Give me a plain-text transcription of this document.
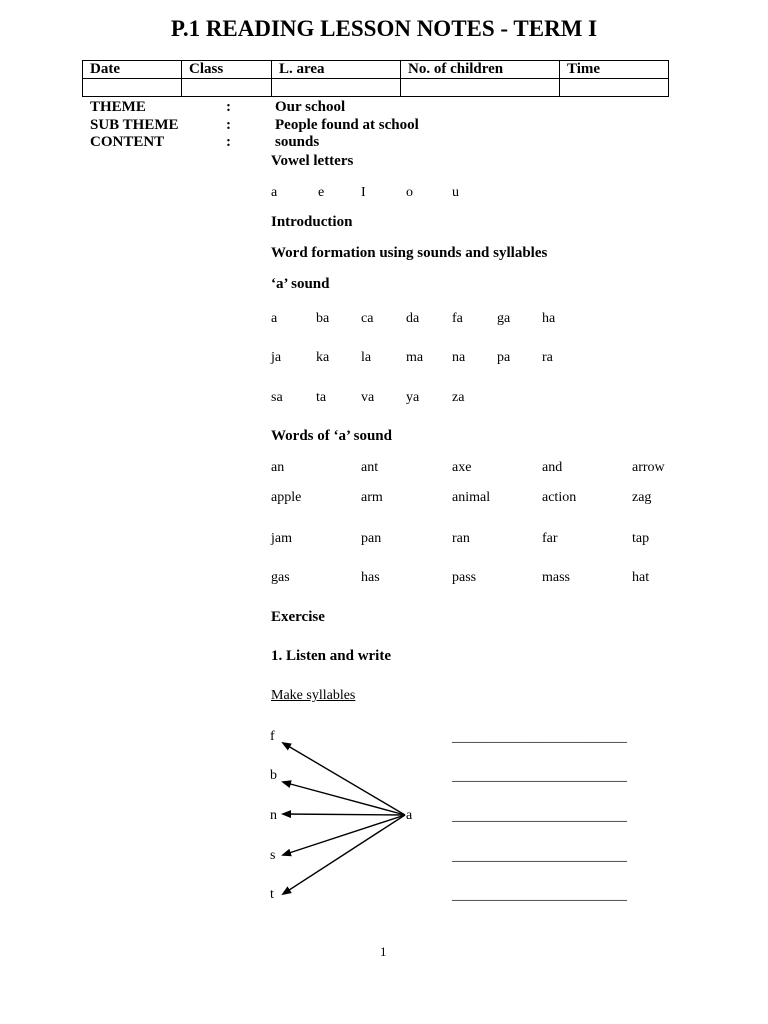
P.1 READING LESSON NOTES - TERM I
Date	Class	L. area	No. of children	Time

THEME	:	Our school
SUB THEME	:	People found at school
CONTENT	:	sounds
Vowel letters
a	e	I	o	u
Introduction
Word formation using sounds and syllables
‘a’ sound
a	ba ca da fa ga ha
ja ka la ma na pa ra
sa ta va ya za
Words of ‘a’ sound
an	ant	axe	and	arrow
apple	arm	animal	action	zag
jam	pan	ran	far	tap
gas	has	pass	mass	hat
Exercise
1. Listen and write
Make syllables
f
b
n
s
t
a
_________________________
_________________________
_________________________
_________________________
_________________________
1
